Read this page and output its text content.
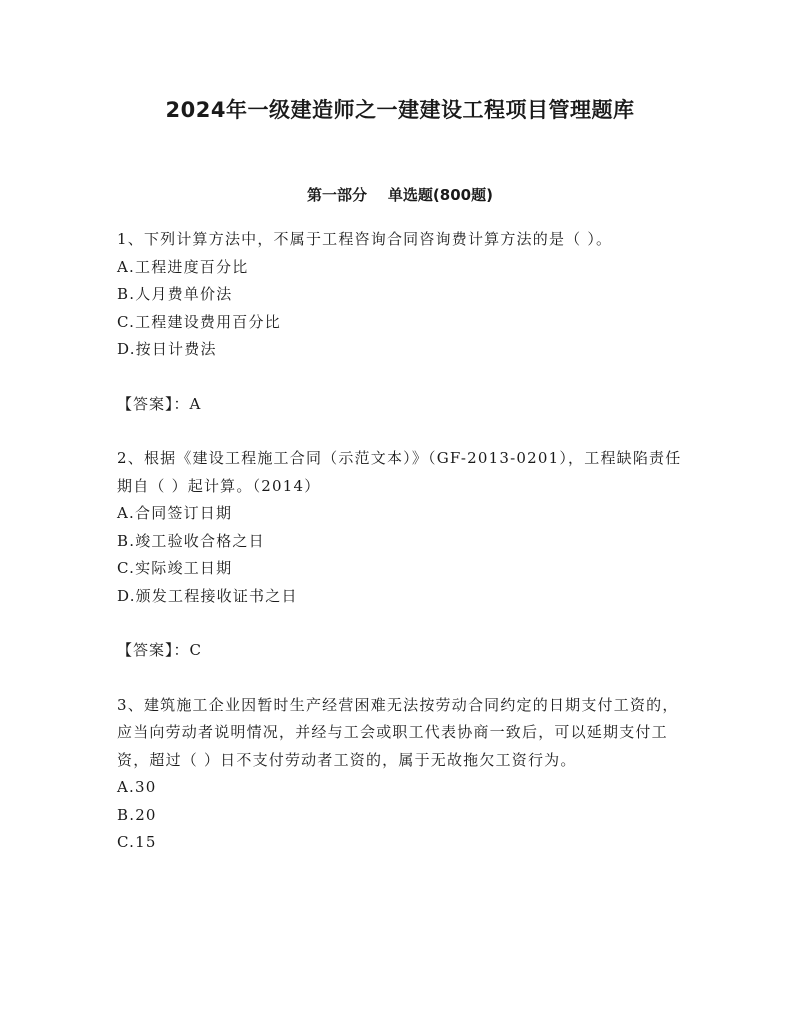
2024年一级建造师之一建建设工程项目管理题库
第一部分    单选题(800题)

1、下列计算方法中，不属于工程咨询合同咨询费计算方法的是（ ）。

A.工程进度百分比

B.人月费单价法

C.工程建设费用百分比

D.按日计费法

【答案】：A

2、根据《建设工程施工合同（示范文本）》（GF-2013-0201），工程缺陷责任期自（ ）起计算。（2014）

A.合同签订日期

B.竣工验收合格之日

C.实际竣工日期

D.颁发工程接收证书之日

【答案】：C

3、建筑施工企业因暂时生产经营困难无法按劳动合同约定的日期支付工资的，应当向劳动者说明情况，并经与工会或职工代表协商一致后，可以延期支付工资，超过（ ）日不支付劳动者工资的，属于无故拖欠工资行为。

A.30

B.20

C.15
